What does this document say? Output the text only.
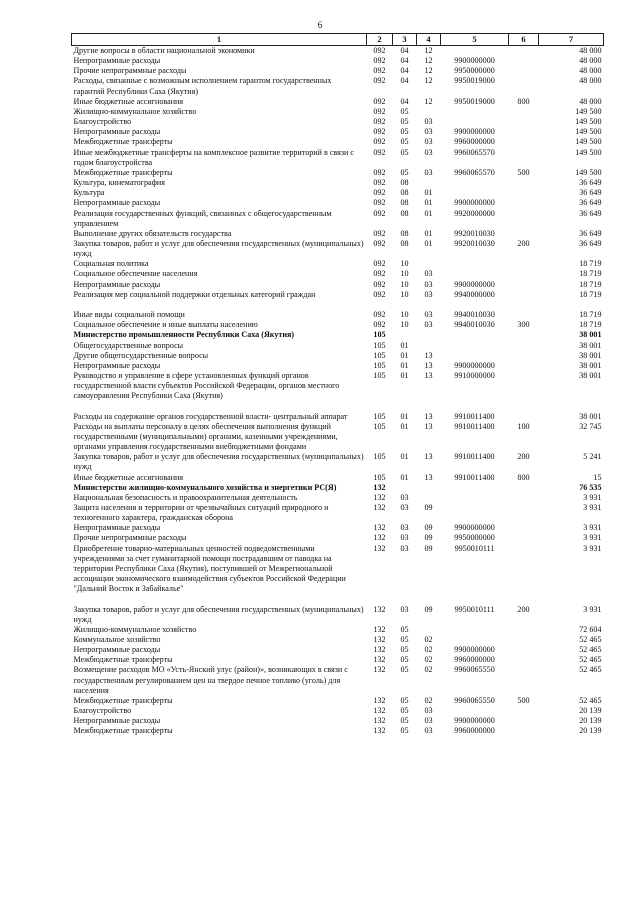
6
1	2	3	4	5	6	7
Другие вопросы в области национальной экономики	092	04	12			48 000
Непрограммные расходы	092	04	12	9900000000		48 000
Прочие непрограммные расходы	092	04	12	9950000000		48 000
Расходы, связанные с возможным исполнением гарантом государственных гарантий Республики Саха (Якутия)	092	04	12	9950019000		48 000
Иные бюджетные ассигнования	092	04	12	9950019000	800	48 000
Жилищно-коммунальное хозяйство	092	05				149 500
Благоустройство	092	05	03			149 500
Непрограммные расходы	092	05	03	9900000000		149 500
Межбюджетные трансферты	092	05	03	9960000000		149 500
Иные межбюджетные трансферты на комплексное развитие территорий в связи с годом благоустройства	092	05	03	9960065570		149 500
Межбюджетные трансферты	092	05	03	9960065570	500	149 500
Культура, кинематография	092	08				36 649
Культура	092	08	01			36 649
Непрограммные расходы	092	08	01	9900000000		36 649
Реализация государственных функций, связанных с общегосударственным управлением	092	08	01	9920000000		36 649
Выполнение других обязательств государства	092	08	01	9920010030		36 649
Закупка товаров, работ и услуг для обеспечения государственных (муниципальных) нужд	092	08	01	9920010030	200	36 649
Социальная политика	092	10				18 719
Социальное обеспечение населения	092	10	03			18 719
Непрограммные расходы	092	10	03	9900000000		18 719
Реализация мер социальной поддержки отдельных категорий граждан	092	10	03	9940000000		18 719

Иные виды социальной помощи	092	10	03	9940010030		18 719
Социальное обеспечение и иные выплаты населению	092	10	03	9940010030	300	18 719
Министерство промышленности Республики Саха (Якутия)	105					38 001
Общегосударственные вопросы	105	01				38 001
Другие общегосударственные вопросы	105	01	13			38 001
Непрограммные расходы	105	01	13	9900000000		38 001
Руководство и управление в сфере установленных функций органов государственной власти субъектов Российской Федерации, органов местного самоуправления Республики Саха (Якутия)	105	01	13	9910000000		38 001

Расходы на содержание органов государственной власти- центральный аппарат	105	01	13	9910011400		38 001
Расходы на выплаты персоналу в целях обеспечения выполнения функций государственными (муниципальными) органами, казенными учреждениями, органами управления государственными внебюджетными фондами	105	01	13	9910011400	100	32 745
Закупка товаров, работ и услуг для обеспечения государственных (муниципальных) нужд	105	01	13	9910011400	200	5 241
Иные бюджетные ассигнования	105	01	13	9910011400	800	15
Министерство жилищно-коммунального хозяйства и энергетики РС(Я)	132					76 535
Национальная безопасность и правоохранительная деятельность	132	03				3 931
Защита населения и территории от чрезвычайных ситуаций природного и техногенного характера, гражданская оборона	132	03	09			3 931
Непрограммные расходы	132	03	09	9900000000		3 931
Прочие непрограммные расходы	132	03	09	9950000000		3 931
Приобретение товарно-материальных ценностей подведомственными учреждениями за счет гуманитарной помощи пострадавшим от паводка на территории Республики Саха (Якутия), поступившей от Межрегиональной ассоциации экономического взаимодействия субъектов Российской Федерации "Дальний Восток и Забайкалье"	132	03	09	9950010111		3 931

Закупка товаров, работ и услуг для обеспечения государственных (муниципальных) нужд	132	03	09	9950010111	200	3 931
Жилищно-коммунальное хозяйство	132	05				72 604
Коммунальное хозяйство	132	05	02			52 465
Непрограммные расходы	132	05	02	9900000000		52 465
Межбюджетные трансферты	132	05	02	9960000000		52 465
Возмещение расходов МО «Усть-Янский улус (район)», возникающих в связи с государственным регулированием цен на твердое печное топливо (уголь) для населения	132	05	02	9960065550		52 465
Межбюджетные трансферты	132	05	02	9960065550	500	52 465
Благоустройство	132	05	03			20 139
Непрограммные расходы	132	05	03	9900000000		20 139
Межбюджетные трансферты	132	05	03	9960000000		20 139
